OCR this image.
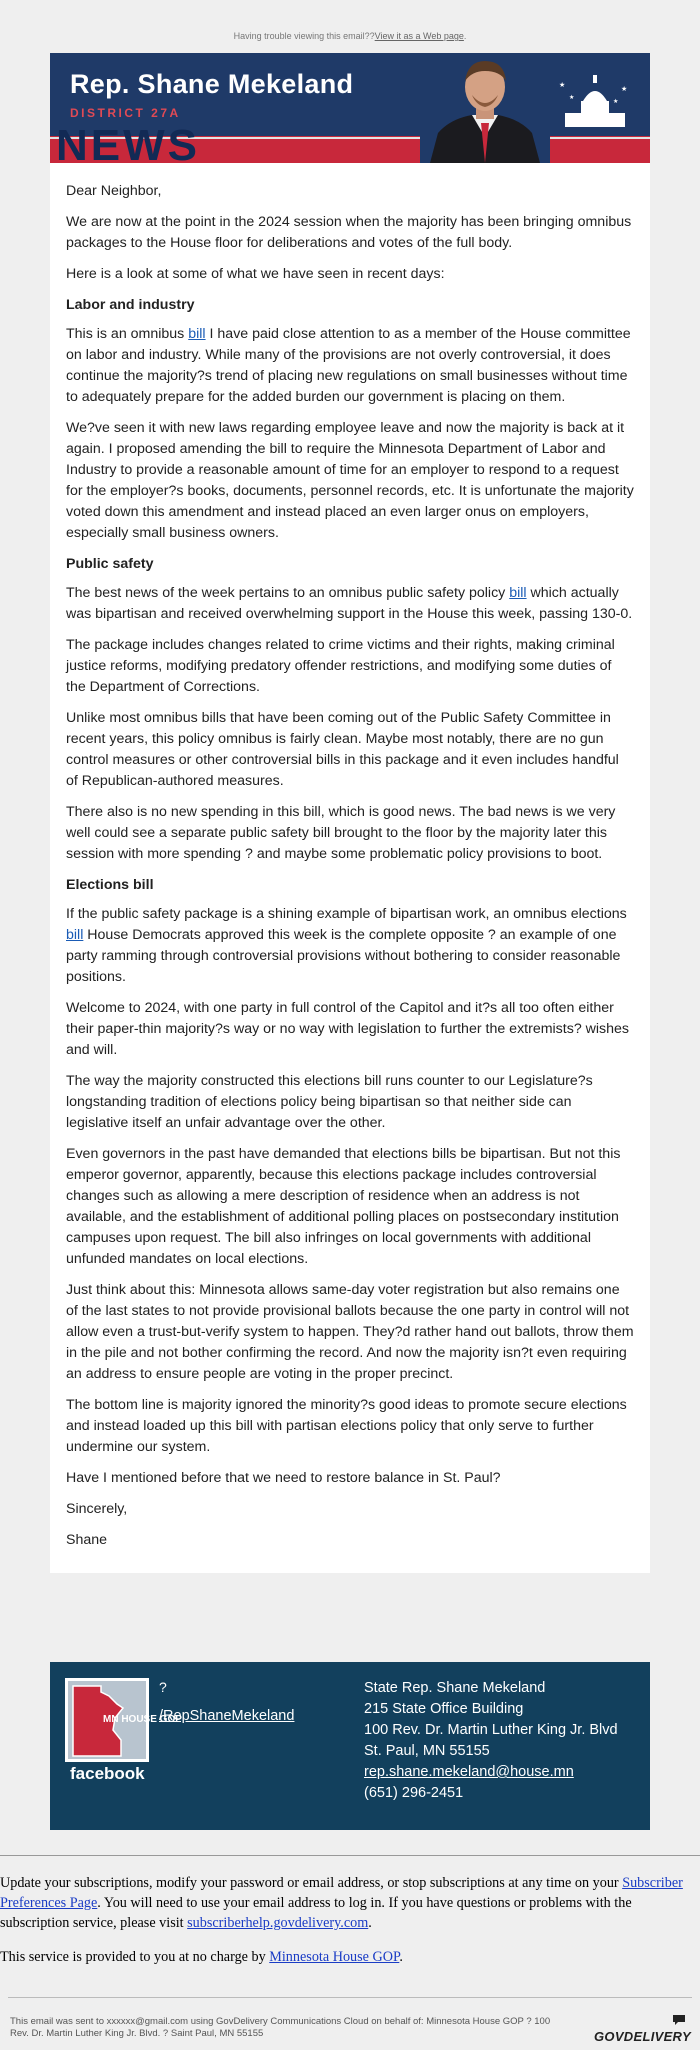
Having trouble viewing this email??View it as a Web page.
Rep. Shane Mekeland
DISTRICT 27A
NEWS
★	★
★
★

Dear Neighbor,

We are now at the point in the 2024 session when the majority has been bringing omnibus packages to the House floor for deliberations and votes of the full body.

Here is a look at some of what we have seen in recent days:

Labor and industry

This is an omnibus bill I have paid close attention to as a member of the House committee on labor and industry. While many of the provisions are not overly controversial, it does continue the majority?s trend of placing new regulations on small businesses without time to adequately prepare for the added burden our government is placing on them.

We?ve seen it with new laws regarding employee leave and now the majority is back at it again. I proposed amending the bill to require the Minnesota Department of Labor and Industry to provide a reasonable amount of time for an employer to respond to a request for the employer?s books, documents, personnel records, etc. It is unfortunate the majority voted down this amendment and instead placed an even larger onus on employers, especially small business owners.

Public safety

The best news of the week pertains to an omnibus public safety policy bill which actually was bipartisan and received overwhelming support in the House this week, passing 130-0.

The package includes changes related to crime victims and their rights, making criminal justice reforms, modifying predatory offender restrictions, and modifying some duties of the Department of Corrections.

Unlike most omnibus bills that have been coming out of the Public Safety Committee in recent years, this policy omnibus is fairly clean. Maybe most notably, there are no gun control measures or other controversial bills in this package and it even includes handful of Republican-authored measures.

There also is no new spending in this bill, which is good news. The bad news is we very well could see a separate public safety bill brought to the floor by the majority later this session with more spending ? and maybe some problematic policy provisions to boot.

Elections bill

If the public safety package is a shining example of bipartisan work, an omnibus elections bill House Democrats approved this week is the complete opposite ? an example of one party ramming through controversial provisions without bothering to consider reasonable positions.

Welcome to 2024, with one party in full control of the Capitol and it?s all too often either their paper-thin majority?s way or no way with legislation to further the extremists? wishes and will.

The way the majority constructed this elections bill runs counter to our Legislature?s longstanding tradition of elections policy being bipartisan so that neither side can legislative itself an unfair advantage over the other.

Even governors in the past have demanded that elections bills be bipartisan. But not this emperor governor, apparently, because this elections package includes controversial changes such as allowing a mere description of residence when an address is not available, and the establishment of additional polling places on postsecondary institution campuses upon request. The bill also infringes on local governments with additional unfunded mandates on local elections.

Just think about this: Minnesota allows same-day voter registration but also remains one of the last states to not provide provisional ballots because the one party in control will not allow even a trust-but-verify system to happen. They?d rather hand out ballots, throw them in the pile and not bother confirming the record. And now the majority isn?t even requiring an address to ensure people are voting in the proper precinct.

The bottom line is majority ignored the minority?s good ideas to promote secure elections and instead loaded up this bill with partisan elections policy that only serve to further undermine our system.

Have I mentioned before that we need to restore balance in St. Paul?

Sincerely,

Shane

MN HOUSE GOP
facebook
?
/RepShaneMekeland
State Rep. Shane Mekeland
215 State Office Building
100 Rev. Dr. Martin Luther King Jr. Blvd
St. Paul, MN 55155
rep.shane.mekeland@house.mn
(651) 296-2451

Update your subscriptions, modify your password or email address, or stop subscriptions at any time on your Subscriber Preferences Page. You will need to use your email address to log in. If you have questions or problems with the subscription service, please visit subscriberhelp.govdelivery.com.

This service is provided to you at no charge by Minnesota House GOP.

This email was sent to xxxxxx@gmail.com using GovDelivery Communications Cloud on behalf of: Minnesota House GOP ? 100 Rev. Dr. Martin Luther King Jr. Blvd. ? Saint Paul, MN 55155	GOVDELIVERY
